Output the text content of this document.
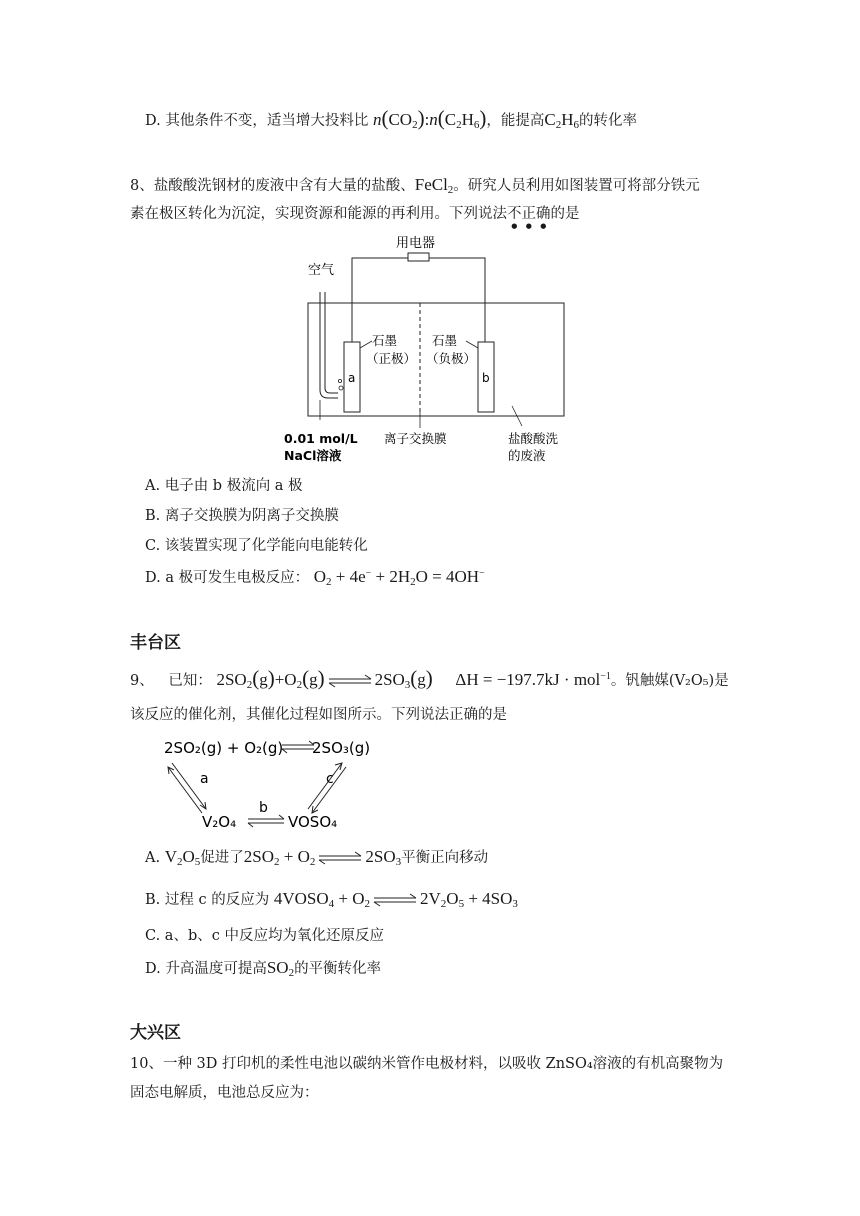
D. 其他条件不变，适当增大投料比 $n(CO_2):n(C_2H_6)$，能提高$C_2H_6$的转化率
8、盐酸酸洗钢材的废液中含有大量的盐酸、FeCl$_2$。研究人员利用如图装置可将部分铁元
素在极区转化为沉淀，实现资源和能源的再利用。下列说法不正确的是
用电器
空气
a	b
石墨
（正极）
石墨
（负极）
0.01 mol/L
NaCl溶液
离子交换膜	盐酸酸洗
的废液
A. 电子由 b 极流向 a 极
B. 离子交换膜为阴离子交换膜
C. 该装置实现了化学能向电能转化
D. a 极可发生电极反应： $O_2 + 4e^- + 2H_2O = 4OH^-$
丰台区
9、 已知： $2SO_2(g)+O_2(g)$ ⇌ $2SO_3(g) \Delta H = -197.7kJ \cdot mol^{-1}$。钒触媒(V₂O₅)是
该反应的催化剂，其催化过程如图所示。下列说法正确的是
2SO₂(g) + O₂(g) 2SO₃(g)
a	c
V₂O₄
b
VOSO₄
A. $V_2O_5$促进了$2SO_2 + O_2$ ⇌ $2SO_3$平衡正向移动
B. 过程 c 的反应为 $4VOSO_4 + O_2$ ⇌ $2V_2O_5 + 4SO_3$
C. a、b、c 中反应均为氧化还原反应
D. 升高温度可提高$SO_2$的平衡转化率
大兴区
10、一种 3D 打印机的柔性电池以碳纳米管作电极材料，以吸收 ZnSO₄溶液的有机高聚物为
固态电解质，电池总反应为：
